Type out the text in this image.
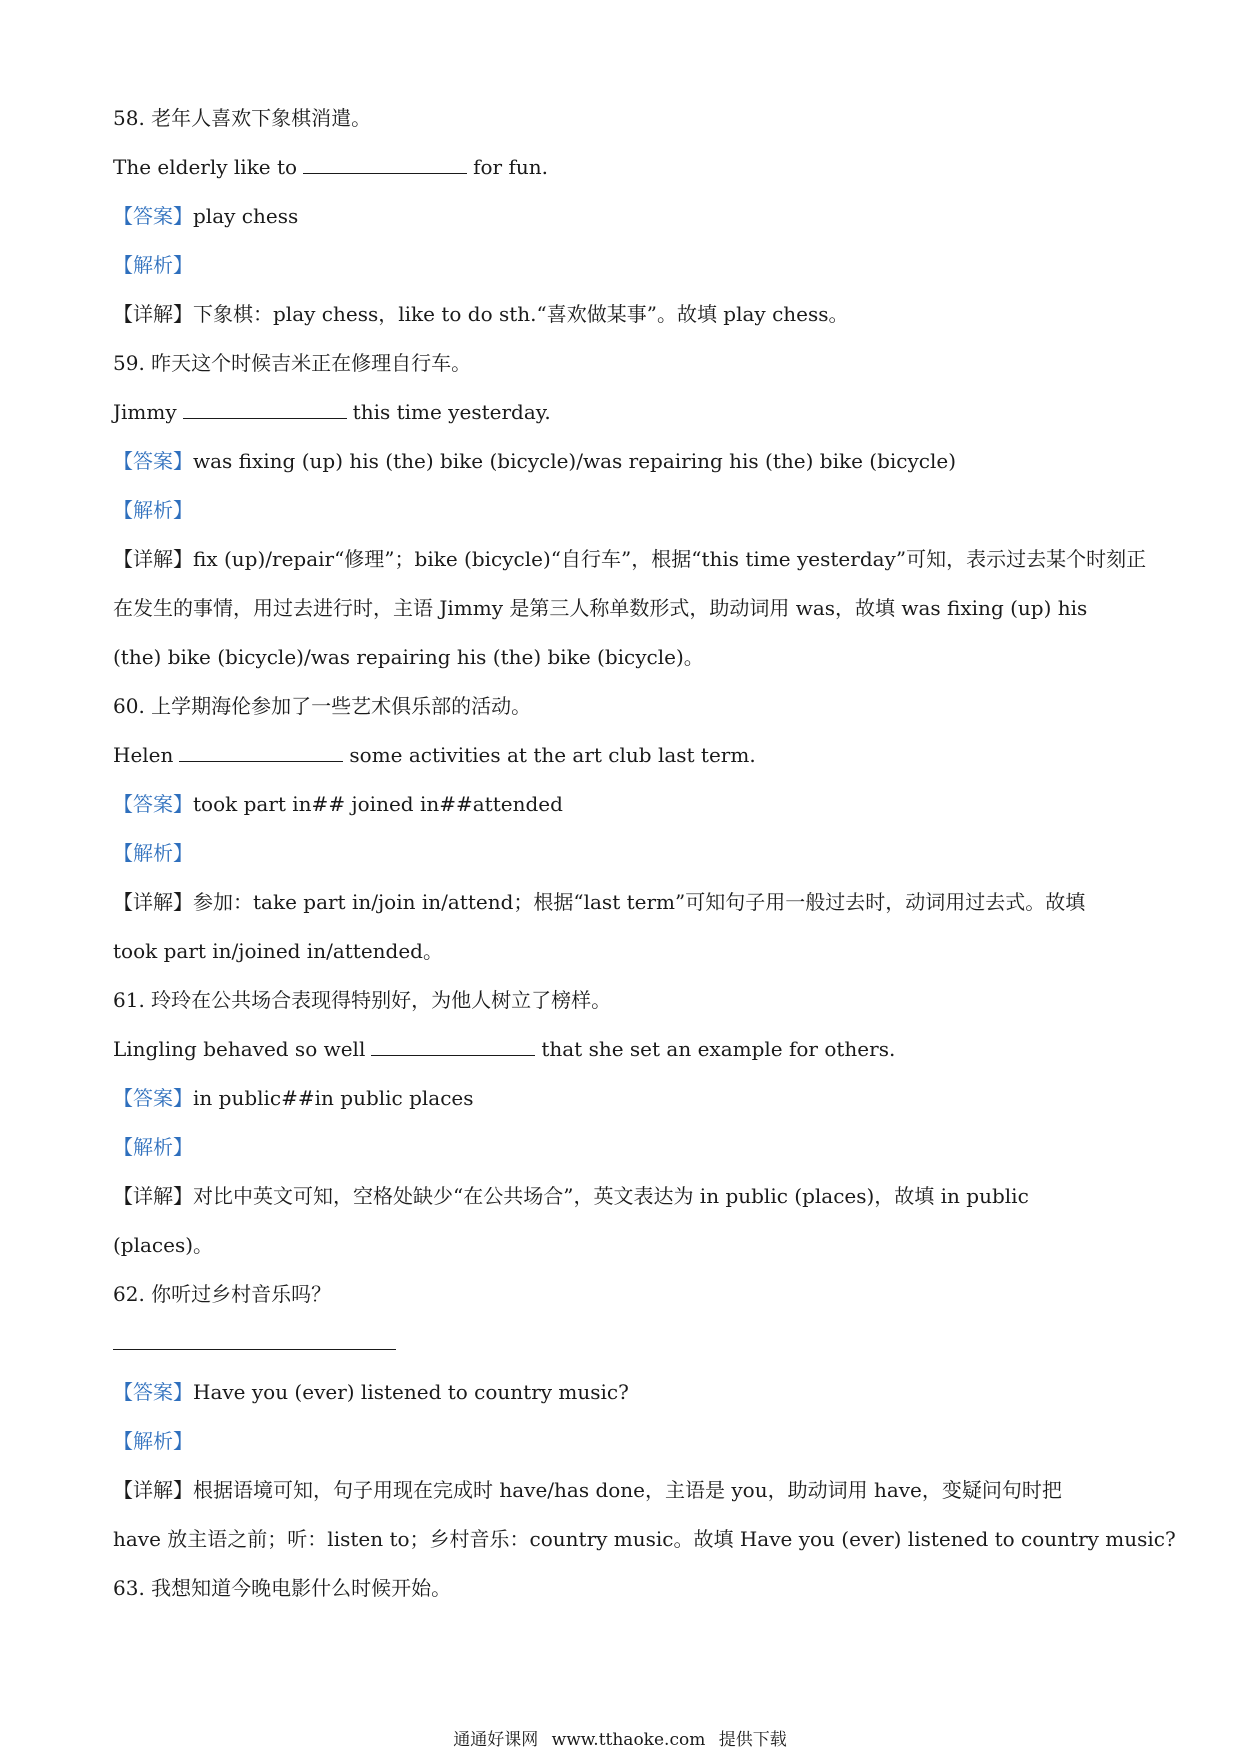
58. 老年人喜欢下象棋消遣。
The elderly like to	for fun.
【答案】play chess
【解析】
【详解】下象棋：play chess，like to do sth.“喜欢做某事”。故填 play chess。
59. 昨天这个时候吉米正在修理自行车。
Jimmy	this time yesterday.
【答案】was fixing (up) his (the) bike (bicycle)/was repairing his (the) bike (bicycle)
【解析】
【详解】fix (up)/repair“修理”；bike (bicycle)“自行车”，根据“this time yesterday”可知，表示过去某个时刻正
在发生的事情，用过去进行时，主语 Jimmy 是第三人称单数形式，助动词用 was，故填 was fixing (up) his
(the) bike (bicycle)/was repairing his (the) bike (bicycle)。
60. 上学期海伦参加了一些艺术俱乐部的活动。
Helen	some activities at the art club last term.
【答案】took part in## joined in##attended
【解析】
【详解】参加：take part in/join in/attend；根据“last term”可知句子用一般过去时，动词用过去式。故填
took part in/joined in/attended。
61. 玲玲在公共场合表现得特别好，为他人树立了榜样。
Lingling behaved so well	that she set an example for others.
【答案】in public##in public places
【解析】
【详解】对比中英文可知，空格处缺少“在公共场合”，英文表达为 in public (places)，故填 in public
(places)。
62. 你听过乡村音乐吗？
【答案】Have you (ever) listened to country music?
【解析】
【详解】根据语境可知，句子用现在完成时 have/has done，主语是 you，助动词用 have，变疑问句时把
have 放主语之前；听：listen to；乡村音乐：country music。故填 Have you (ever) listened to country music?
63. 我想知道今晚电影什么时候开始。
通通好课网 www.tthaoke.com 提供下载
